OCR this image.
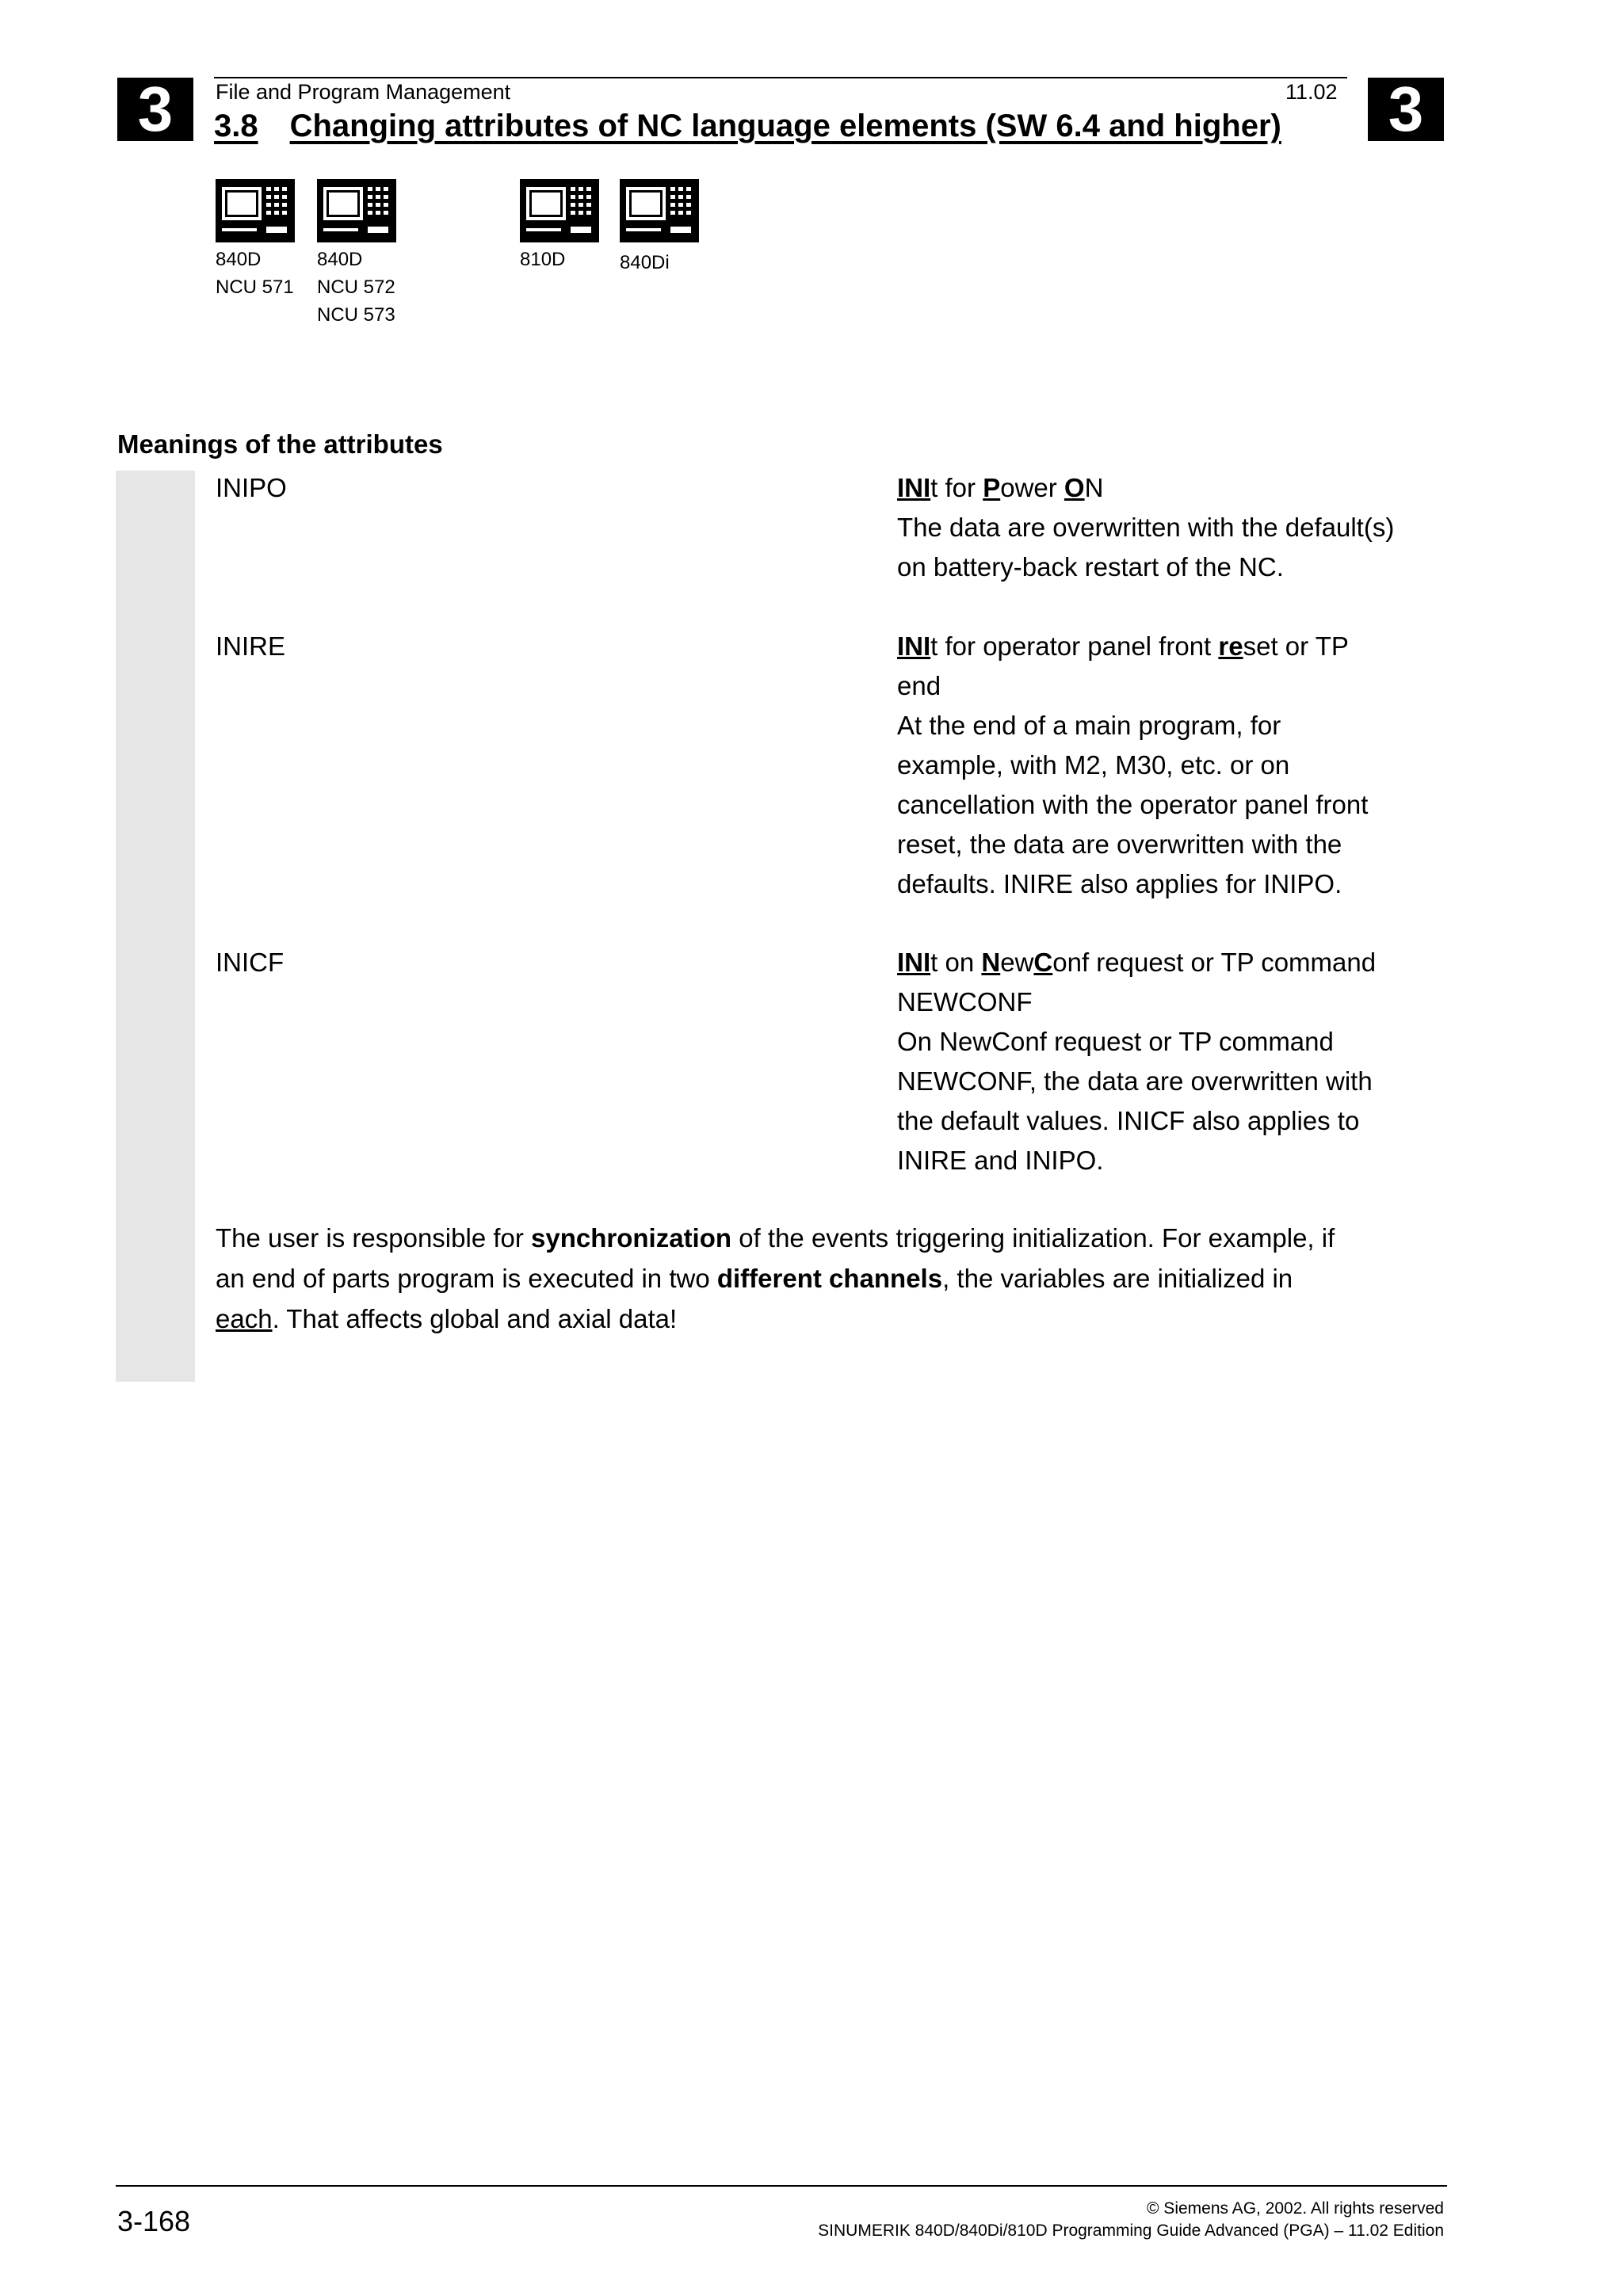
3	3
File and Program Management	11.02
3.8 Changing attributes of NC language elements (SW 6.4 and higher)
840D
NCU 571
840D
NCU 572
NCU 573
810D	840Di
Meanings of the attributes
INIPO	INIt for Power ON
The data are overwritten with the default(s)
on battery-back restart of the NC.
INIRE	INIt for operator panel front reset or TP
end
At the end of a main program, for
example, with M2, M30, etc. or on
cancellation with the operator panel front
reset, the data are overwritten with the
defaults. INIRE also applies for INIPO.
INICF	INIt on NewConf request or TP command
NEWCONF
On NewConf request or TP command
NEWCONF, the data are overwritten with
the default values. INICF also applies to
INIRE and INIPO.
The user is responsible for synchronization of the events triggering initialization. For example, if
an end of parts program is executed in two different channels, the variables are initialized in
each. That affects global and axial data!
3-168	© Siemens AG, 2002. All rights reserved
SINUMERIK 840D/840Di/810D Programming Guide Advanced (PGA) – 11.02 Edition
